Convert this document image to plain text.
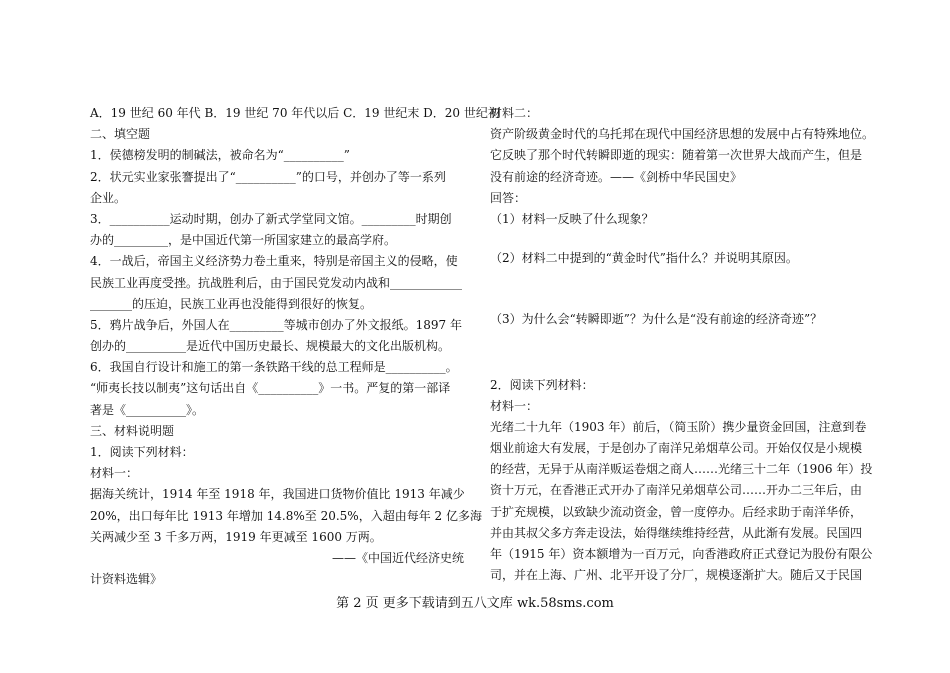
A．19 世纪 60 年代 B．19 世纪 70 年代以后 C．19 世纪末 D．20 世纪初
二、填空题
1．侯德榜发明的制碱法，被命名为“__________”
2．状元实业家张謇提出了“__________”的口号，并创办了等一系列
企业。
3．__________运动时期，创办了新式学堂同文馆。_________时期创
办的_________，是中国近代第一所国家建立的最高学府。
4．一战后，帝国主义经济势力卷土重来，特别是帝国主义的侵略，使
民族工业再度受挫。抗战胜利后，由于国民党发动内战和____________
_______的压迫，民族工业再也没能得到很好的恢复。
5．鸦片战争后，外国人在_________等城市创办了外文报纸。1897 年
创办的__________是近代中国历史最长、规模最大的文化出版机构。
6．我国自行设计和施工的第一条铁路干线的总工程师是__________。
“师夷长技以制夷”这句话出自《__________》一书。严复的第一部译
著是《__________》。
三、材料说明题
1．阅读下列材料：
材料一：
据海关统计，1914 年至 1918 年，我国进口货物价值比 1913 年减少
20%，出口每年比 1913 年增加 14.8%至 20.5%，入超由每年 2 亿多海
关两减少至 3 千多万两，1919 年更减至 1600 万两。
——《中国近代经济史统
计资料选辑》
材料二：
资产阶级黄金时代的乌托邦在现代中国经济思想的发展中占有特殊地位。
它反映了那个时代转瞬即逝的现实：随着第一次世界大战而产生，但是
没有前途的经济奇迹。——《剑桥中华民国史》
回答：
（1）材料一反映了什么现象？
（2）材料二中提到的“黄金时代”指什么？并说明其原因。
（3）为什么会“转瞬即逝”？为什么是“没有前途的经济奇迹”？
2．阅读下列材料：
材料一：
光绪二十九年（1903 年）前后，（简玉阶）携少量资金回国，注意到卷
烟业前途大有发展，于是创办了南洋兄弟烟草公司。开始仅仅是小规模
的经营，无异于从南洋贩运卷烟之商人……光绪三十二年（1906 年）投
资十万元，在香港正式开办了南洋兄弟烟草公司……开办二三年后，由
于扩充规模，以致缺少流动资金，曾一度停办。后经求助于南洋华侨，
并由其叔父多方奔走设法，始得继续维持经营，从此渐有发展。民国四
年（1915 年）资本额增为一百万元，向香港政府正式登记为股份有限公
司，并在上海、广州、北平开设了分厂，规模逐渐扩大。随后又于民国
第 2 页 更多下载请到五八文库 wk.58sms.com
